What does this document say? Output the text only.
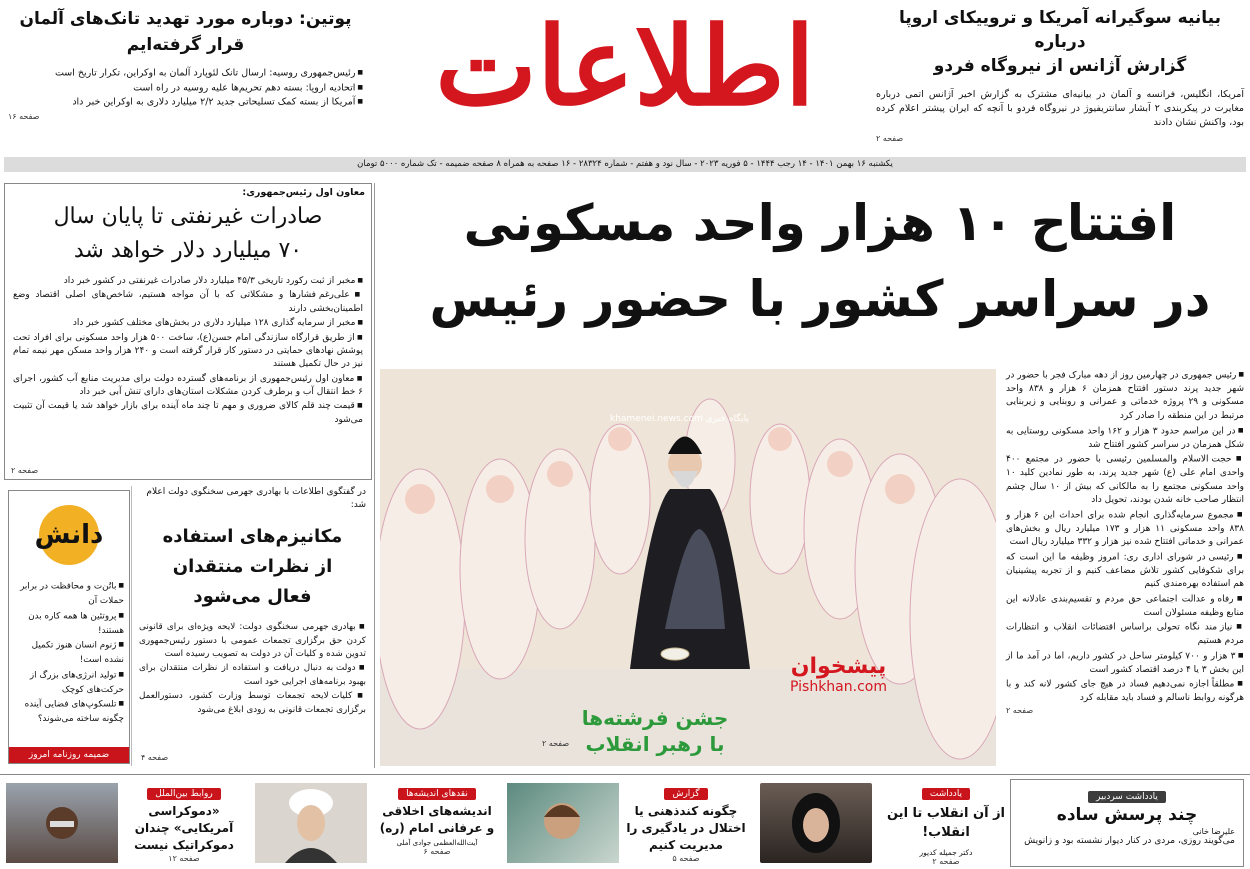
بیانیه سوگیرانه آمریکا و تروییکای اروپا درباره
گزارش آژانس از نیروگاه فردو
آمریکا، انگلیس، فرانسه و آلمان در بیانیه‌ای مشترک به گزارش اخیر آژانس اتمی درباره مغایرت در پیکربندی ۲ آبشار سانتریفیوژ در نیروگاه فردو با آنچه که ایران پیشتر اعلام کرده بود، واکنش نشان دادند
صفحه ۲
اطلاعات
پوتین: دوباره مورد تهدید تانک‌های آلمان
قرار گرفته‌ایم
■ رئیس‌جمهوری روسیه: ارسال تانک لئوپارد آلمان به اوکراین، تکرار تاریخ است
■ اتحادیه اروپا: بسته دهم تحریم‌ها علیه روسیه در راه است
■ آمریکا از بسته کمک تسلیحاتی جدید ۲/۲ میلیارد دلاری به اوکراین خبر داد
صفحه ۱۶
یکشنبه ۱۶ بهمن ۱۴۰۱ - ۱۴ رجب ۱۴۴۴ - ۵ فوریه ۲۰۲۳ - سال نود و هفتم - شماره ۲۸۳۲۴ - ۱۶ صفحه به همراه ۸ صفحه ضمیمه - تک شماره ۵۰۰۰ تومان
افتتاح ۱۰ هزار واحد مسکونی
در سراسر کشور با حضور رئیس
■ رئیس جمهوری در چهارمین روز از دهه مبارک فجر با حضور در شهر جدید پرند دستور افتتاح همزمان ۶ هزار و ۸۳۸ واحد مسکونی و ۲۹ پروژه خدماتی و عمرانی و روبنایی و زیربنایی مرتبط در این منطقه را صادر کرد
■ در این مراسم حدود ۳ هزار و ۱۶۲ واحد مسکونی روستایی به شکل همزمان در سراسر کشور افتتاح شد
■ حجت الاسلام والمسلمین رئیسی با حضور در مجتمع ۴۰۰ واحدی امام علی (ع) شهر جدید پرند، به طور نمادین کلید ۱۰ واحد مسکونی مجتمع را به مالکانی که بیش از ۱۰ سال چشم انتظار صاحب خانه شدن بودند، تحویل داد
■ مجموع سرمایه‌گذاری انجام شده برای احداث این ۶ هزار و ۸۳۸ واحد مسکونی ۱۱ هزار و ۱۷۳ میلیارد ریال و بخش‌های عمرانی و خدماتی افتتاح شده نیز هزار و ۳۳۲ میلیارد ریال است
■ رئیسی در شورای اداری ری: امروز وظیفه ما این است که برای شکوفایی کشور تلاش مضاعف کنیم و از تجربه پیشینیان هم استفاده بهره‌مندی کنیم
■ رفاه و عدالت اجتماعی حق مردم و تقسیم‌بندی عادلانه این منابع وظیفه مسئولان است
■ نیاز مند نگاه تحولی براساس اقتضائات انقلاب و انتظارات مردم هستیم
■ ۳ هزار و ۷۰۰ کیلومتر ساحل در کشور داریم، اما در آمد ما از این بخش ۳ یا ۴ درصد اقتصاد کشور است
■ مطلقاً اجازه نمی‌دهیم فساد در هیچ جای کشور لانه کند و با هرگونه روابط ناسالم و فساد باید مقابله کرد
صفحه ۲
پایگاه خبری khamenei.news.com
جشن فرشته‌ها
با رهبر انقلاب
پیشخوان
Pishkhan.com
صفحه ۲
معاون اول رئیس‌جمهوری:
صادرات غیرنفتی تا پایان سال
۷۰ میلیارد دلار خواهد شد
■ مخبر از ثبت رکورد تاریخی ۴۵/۳ میلیارد دلار صادرات غیرنفتی در کشور خبر داد
■ علی‌رغم فشارها و مشکلاتی که با آن مواجه هستیم، شاخص‌های اصلی اقتصاد وضع اطمینان‌بخشی دارند
■ مخبر از سرمایه گذاری ۱۲۸ میلیارد دلاری در بخش‌های مختلف کشور خبر داد
■ از طریق قرارگاه سازندگی امام حسن(ع)، ساخت ۵۰۰ هزار واحد مسکونی برای افراد تحت پوشش نهادهای حمایتی در دستور کار قرار گرفته است و ۲۴۰ هزار واحد مسکن مهر نیمه تمام نیز در حال تکمیل هستند
■ معاون اول رئیس‌جمهوری از برنامه‌های گسترده دولت برای مدیریت منابع آب کشور، اجرای ۶ خط انتقال آب و برطرف کردن مشکلات استان‌های دارای تنش آبی خبر داد
■ قیمت چند قلم کالای ضروری و مهم تا چند ماه آینده برای بازار خواهد شد یا قیمت آن تثبیت می‌شود
صفحه ۲
در گفتگوی اطلاعات با بهادری جهرمی سخنگوی دولت اعلام شد:
مکانیزم‌های استفاده
از نظرات منتقدان
فعال می‌شود
■ بهادری جهرمی سخنگوی دولت: لایحه ویژه‌ای برای قانونی کردن حق برگزاری تجمعات عمومی با دستور رئیس‌جمهوری تدوین شده و کلیات آن در دولت به تصویب رسیده است
■ دولت به دنبال دریافت و استفاده از نظرات منتقدان برای بهبود برنامه‌های اجرایی خود است
■ کلیات لایحه تجمعات توسط وزارت کشور، دستورالعمل برگزاری تجمعات قانونی به زودی ابلاغ می‌شود
صفحه ۴
دانش
■ باتُن‌ت و محافظت در برابر حملات آن
■ پروتئین ها همه کاره بدن هستند!
■ ژنوم انسان هنوز تکمیل نشده است!
■ تولید انرژی‌های بزرگ از حرکت‌های کوچک
■ تلسکوپ‌های فضایی آینده چگونه ساخته می‌شوند؟
ضمیمه روزنامه امروز
یادداشت سردبیر
چند پرسش ساده
علیرضا خانی
می‌گویند روزی، مردی در کنار دیوار نشسته بود و زانویش
یادداشت
از آن انقلاب تا این انقلاب!
دکتر جمیله کدیور
صفحه ۲
گزارش
چگونه کندذهنی یا اختلال در یادگیری را مدیریت کنیم
صفحه ۵
نقدهای اندیشه‌ها
اندیشه‌های اخلاقی و عرفانی امام (ره)
آیت‌الله‌العظمی جوادی آملی
صفحه ۶
روابط بین‌الملل
«دموکراسی آمریکایی» چندان دموکراتیک نیست
صفحه ۱۲
